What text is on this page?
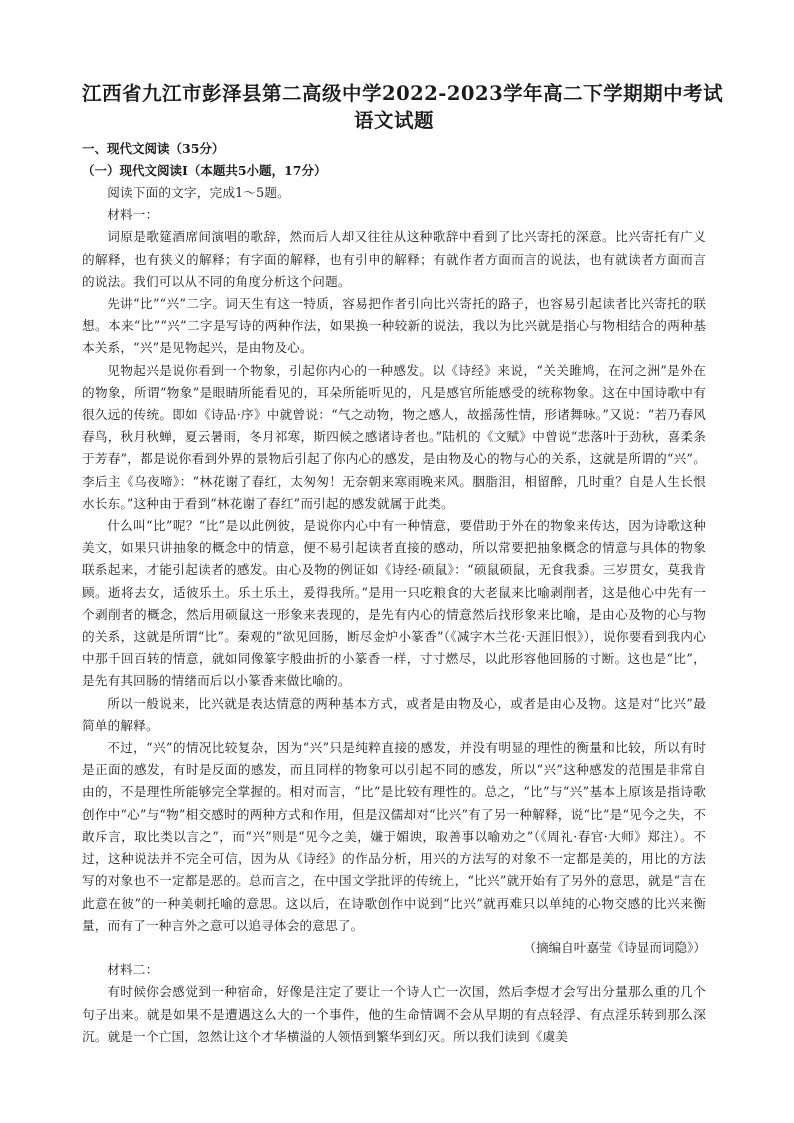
江西省九江市彭泽县第二高级中学2022-2023学年高二下学期期中考试
语文试题
一、现代文阅读（35分）
（一）现代文阅读Ⅰ（本题共5小题，17分）

阅读下面的文字，完成1～5题。

材料一：

词原是歌筵酒席间演唱的歌辞，然而后人却又往往从这种歌辞中看到了比兴寄托的深意。比兴寄托有广义的解释，也有狭义的解释；有字面的解释，也有引申的解释；有就作者方面而言的说法，也有就读者方面而言的说法。我们可以从不同的角度分析这个问题。

先讲“比”“兴”二字。词天生有这一特质，容易把作者引向比兴寄托的路子，也容易引起读者比兴寄托的联想。本来“比”“兴”二字是写诗的两种作法，如果换一种较新的说法，我以为比兴就是指心与物相结合的两种基本关系，“兴”是见物起兴，是由物及心。

见物起兴是说你看到一个物象，引起你内心的一种感发。以《诗经》来说，“关关雎鸠，在河之洲”是外在的物象，所谓“物象”是眼睛所能看见的，耳朵所能听见的，凡是感官所能感受的统称物象。这在中国诗歌中有很久远的传统。即如《诗品·序》中就曾说：“气之动物，物之感人，故摇荡性情，形诸舞咏。”又说：“若乃春风春鸟，秋月秋蝉，夏云暑雨，冬月祁寒，斯四候之感诸诗者也。”陆机的《文赋》中曾说“悲落叶于劲秋，喜柔条于芳春”，都是说你看到外界的景物后引起了你内心的感发，是由物及心的物与心的关系，这就是所谓的“兴”。李后主《乌夜啼》：“林花谢了春红，太匆匆！无奈朝来寒雨晚来风。胭脂泪，相留醉，几时重？自是人生长恨水长东。”这种由于看到“林花谢了春红”而引起的感发就属于此类。

什么叫“比”呢？“比”是以此例彼，是说你内心中有一种情意，要借助于外在的物象来传达，因为诗歌这种美文，如果只讲抽象的概念中的情意，便不易引起读者直接的感动，所以常要把抽象概念的情意与具体的物象联系起来，才能引起读者的感发。由心及物的例证如《诗经·硕鼠》：“硕鼠硕鼠，无食我黍。三岁贯女，莫我肯顾。逝将去女，适彼乐土。乐土乐土，爰得我所。”是用一只吃粮食的大老鼠来比喻剥削者，这是他心中先有一个剥削者的概念，然后用硕鼠这一形象来表现的，是先有内心的情意然后找形象来比喻，是由心及物的心与物的关系，这就是所谓“比”。秦观的“欲见回肠，断尽金炉小篆香”（《减字木兰花·天涯旧恨》），说你要看到我内心中那千回百转的情意，就如同像篆字般曲折的小篆香一样，寸寸燃尽，以此形容他回肠的寸断。这也是“比”，是先有其回肠的情绪而后以小篆香来做比喻的。

所以一般说来，比兴就是表达情意的两种基本方式，或者是由物及心，或者是由心及物。这是对“比兴”最简单的解释。

不过，“兴”的情况比较复杂，因为“兴”只是纯粹直接的感发，并没有明显的理性的衡量和比较，所以有时是正面的感发，有时是反面的感发，而且同样的物象可以引起不同的感发，所以“兴”这种感发的范围是非常自由的，不是理性所能够完全掌握的。相对而言，“比”是比较有理性的。总之，“比”与“兴”基本上原该是指诗歌创作中“心”与“物”相交感时的两种方式和作用，但是汉儒却对“比兴”有了另一种解释，说“比”是“见今之失，不敢斥言，取比类以言之”，而“兴”则是“见今之美，嫌于媚谀，取善事以喻劝之”（《周礼·春官·大师》郑注）。不过，这种说法并不完全可信，因为从《诗经》的作品分析，用兴的方法写的对象不一定都是美的，用比的方法写的对象也不一定都是恶的。总而言之，在中国文学批评的传统上，“比兴”就开始有了另外的意思，就是“言在此意在彼”的一种美刺托喻的意思。这以后，在诗歌创作中说到“比兴”就再难只以单纯的心物交感的比兴来衡量，而有了一种言外之意可以追寻体会的意思了。

（摘编自叶嘉莹《诗显而词隐》）

材料二：

有时候你会感觉到一种宿命，好像是注定了要让一个诗人亡一次国，然后李煜才会写出分量那么重的几个句子出来。就是如果不是遭遇这么大的一个事件，他的生命情调不会从早期的有点轻浮、有点淫乐转到那么深沉。就是一个亡国，忽然让这个才华横溢的人领悟到繁华到幻灭。所以我们读到《虞美
